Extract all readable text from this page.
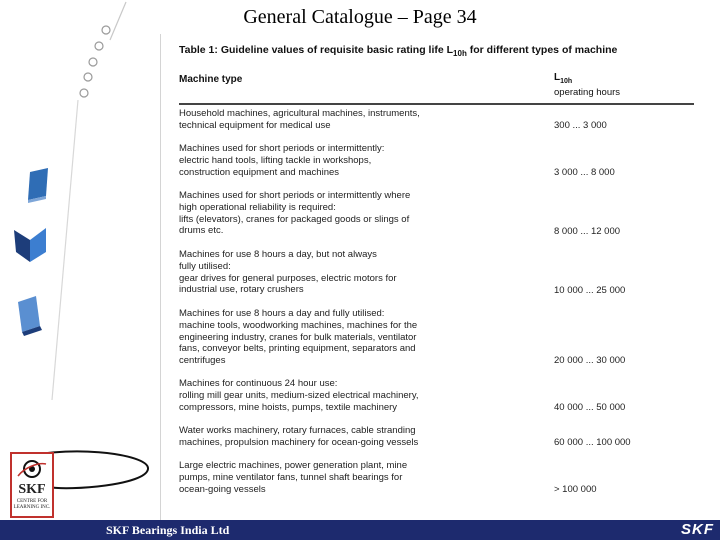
General Catalogue – Page 34
SKF
CENTRE FOR
LEARNING INC.
Table 1: Guideline values of requisite basic rating life $L_{10h}$ for different types of machine
Machine type	$L_{10h}$
operating hours
Household machines, agricultural machines, instruments,
technical equipment for medical use	300 ... 3 000
Machines used for short periods or intermittently:
electric hand tools, lifting tackle in workshops,
construction equipment and machines	3 000 ... 8 000
Machines used for short periods or intermittently where
high operational reliability is required:
lifts (elevators), cranes for packaged goods or slings of
drums etc.	8 000 ... 12 000
Machines for use 8 hours a day, but not always
fully utilised:
gear drives for general purposes, electric motors for
industrial use, rotary crushers	10 000 ... 25 000
Machines for use 8 hours a day and fully utilised:
machine tools, woodworking machines, machines for the
engineering industry, cranes for bulk materials, ventilator
fans, conveyor belts, printing equipment, separators and
centrifuges	20 000 ... 30 000
Machines for continuous 24 hour use:
rolling mill gear units, medium-sized electrical machinery,
compressors, mine hoists, pumps, textile machinery	40 000 ... 50 000
Water works machinery, rotary furnaces, cable stranding
machines, propulsion machinery for ocean-going vessels	60 000 ... 100 000
Large electric machines, power generation plant, mine
pumps, mine ventilator fans, tunnel shaft bearings for
ocean-going vessels	> 100 000
SKF Bearings India Ltd	SKF
